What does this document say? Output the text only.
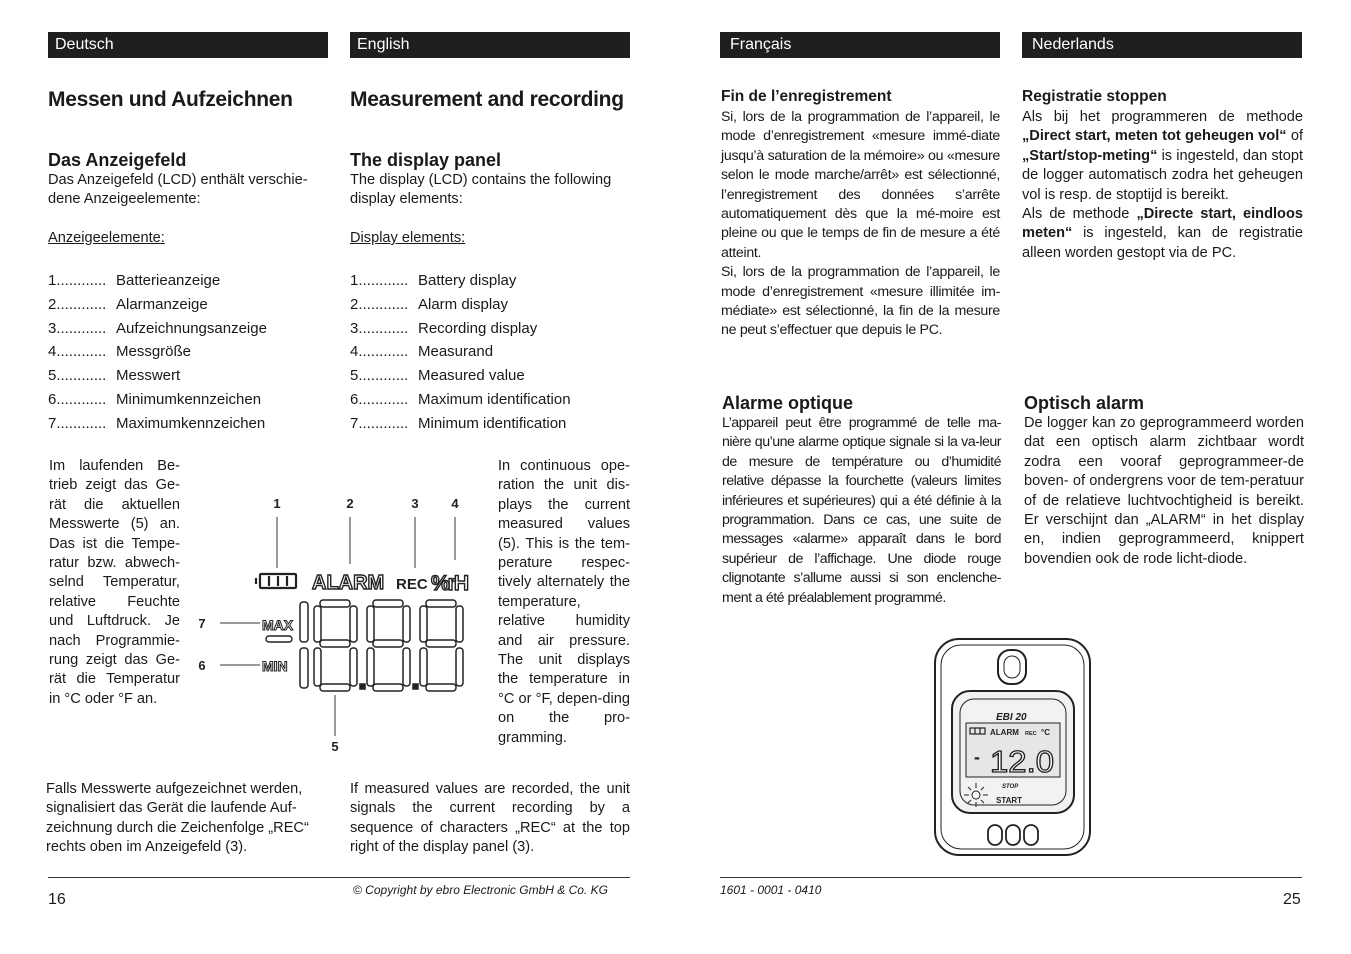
Deutsch	English
Messen und Aufzeichnen	Measurement and recording
Das Anzeigefeld	The display panel
Das Anzeigefeld (LCD) enthält verschie-dene Anzeigeelemente:
The display (LCD) contains the following display elements:
Anzeigeelemente:	Display elements:
1............ Batterieanzeige
2............ Alarmanzeige
3............ Aufzeichnungsanzeige
4............ Messgröße
5............ Messwert
6............ Minimumkennzeichen
7............ Maximumkennzeichen
1............ Battery display
2............ Alarm display
3............ Recording display
4............ Measurand
5............ Measured value
6............ Maximum identification
7............ Minimum identification
Im laufenden Be-trieb zeigt das Ge-rät die aktuellen Messwerte (5) an. Das ist die Tempe-ratur bzw. abwech-selnd Temperatur, relative Feuchte und Luftdruck. Je nach Programmie-rung zeigt das Ge-rät die Temperatur in °C oder °F an.
In continuous ope-ration the unit dis-plays the current measured values (5). This is the tem-perature respec-tively alternately the temperature, relative humidity and air pressure. The unit displays the temperature in °C or °F, depen-ding on the pro-gramming.
1	2	3	4
5
6
7
ALARM REC %rH
MAX
MIN
Falls Messwerte aufgezeichnet werden, signalisiert das Gerät die laufende Auf-zeichnung durch die Zeichenfolge „REC“ rechts oben im Anzeigefeld (3).
If measured values are recorded, the unit signals the current recording by a sequence of characters „REC“ at the top right of the display panel (3).
© Copyright by ebro Electronic GmbH & Co. KG
16
Français	Nederlands
Fin de l’enregistrement	Registratie stoppen
Si, lors de la programmation de l’appareil, le mode d’enregistrement «mesure immé-diate jusqu’à saturation de la mémoire» ou «mesure selon le mode marche/arrêt» est sélectionné, l’enregistrement des données s’arrête automatiquement dès que la mé-moire est pleine ou que le temps de fin de mesure a été atteint.
Si, lors de la programmation de l’appareil, le mode d’enregistrement «mesure illimitée im-médiate» est sélectionné, la fin de la mesure ne peut s’effectuer que depuis le PC.
Als bij het programmeren de methode „Direct start, meten tot geheugen vol“ of „Start/stop-meting“ is ingesteld, dan stopt de logger automatisch zodra het geheugen vol is resp. de stoptijd is bereikt.
Als de methode „Directe start, eindloos meten“ is ingesteld, kan de registratie alleen worden gestopt via de PC.
Alarme optique	Optisch alarm
L’appareil peut être programmé de telle ma-nière qu’une alarme optique signale si la va-leur de mesure de température ou d’humidité relative dépasse la fourchette (valeurs limites inférieures et supérieures) qui a été définie à la programmation. Dans ce cas, une suite de messages «alarme» apparaît dans le bord supérieur de l’affichage. Une diode rouge clignotante s’allume aussi si son enclenche-ment a été préalablement programmé.
De logger kan zo geprogrammeerd worden dat een optisch alarm zichtbaar wordt zodra een vooraf geprogrammeer-de boven- of ondergrens voor de tem-peratuur of de relatieve luchtvochtigheid is bereikt. Er verschijnt dan „ALARM“ in het display en, indien geprogrammeerd, knippert bovendien ook de rode licht-diode.
EBI 20
ALARM REC °C
- 12.0
STOP
START
1601 - 0001 - 0410
25
